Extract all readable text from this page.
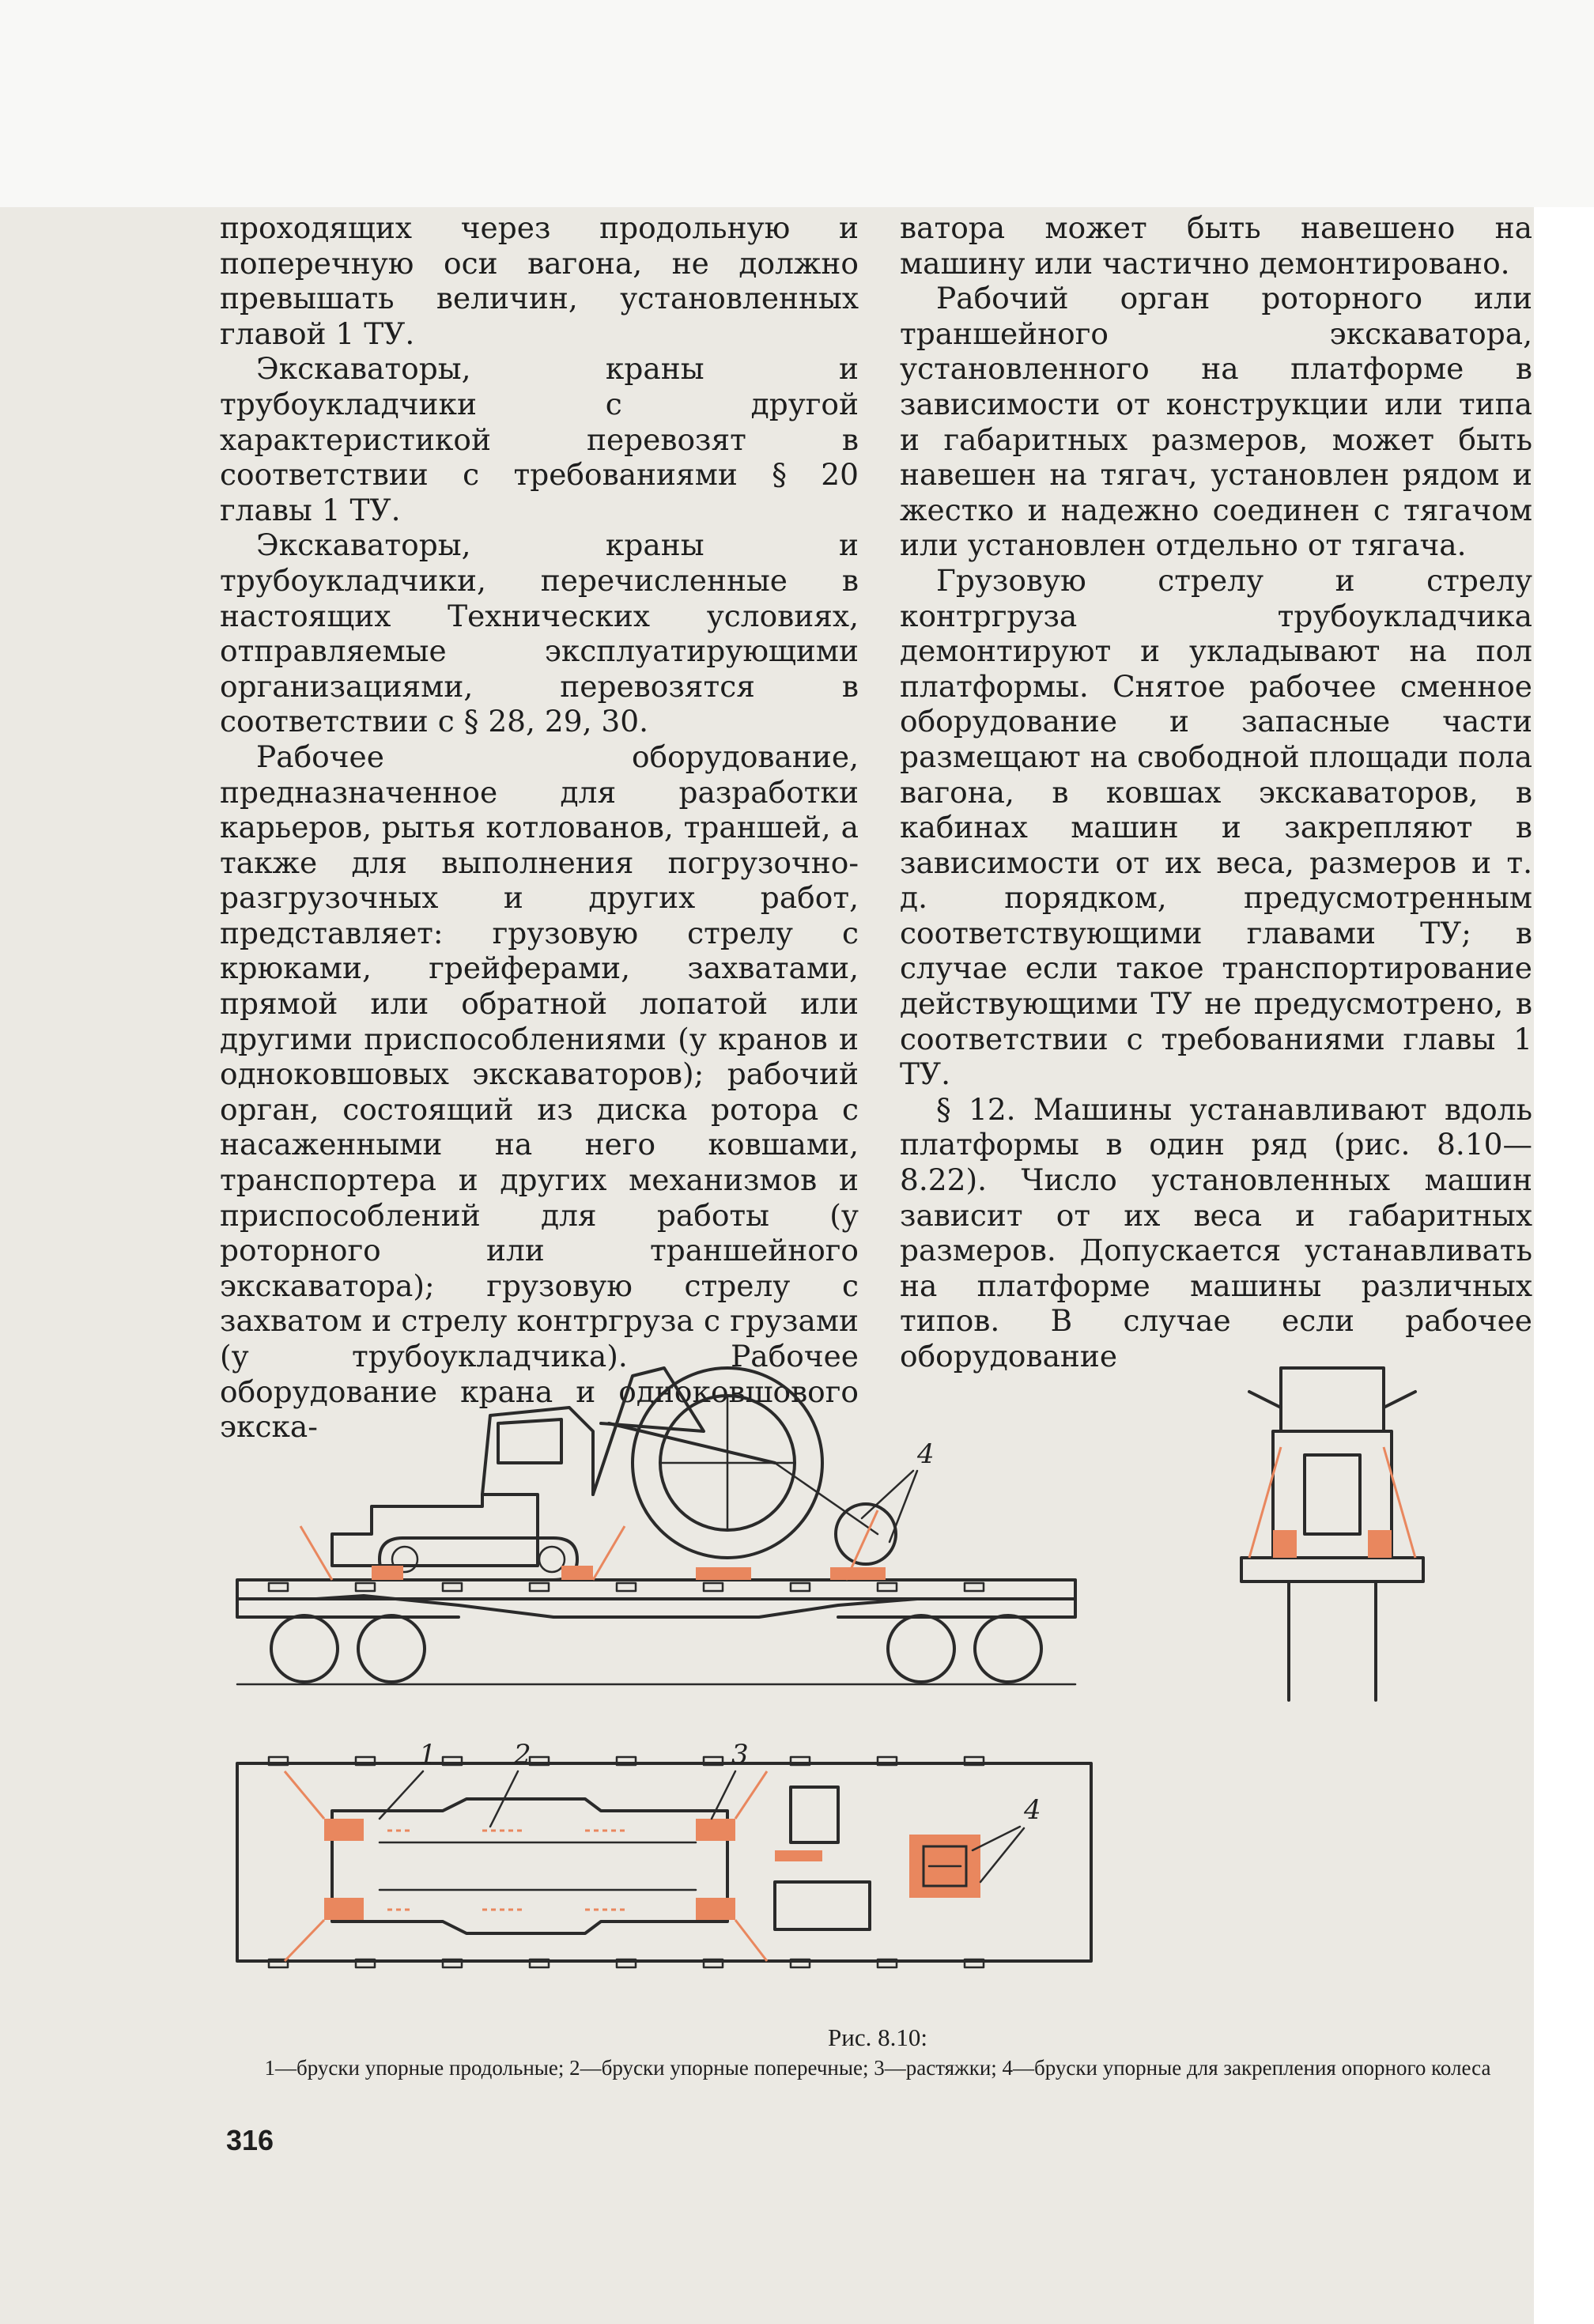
проходящих через продольную и поперечную оси вагона, не должно превышать величин, установленных главой 1 ТУ.

Экскаваторы, краны и трубоукладчики с другой характеристикой перевозят в соответствии с требованиями § 20 главы 1 ТУ.

Экскаваторы, краны и трубоукладчики, перечисленные в настоящих Технических условиях, отправляемые эксплуатирующими организациями, перевозятся в соответствии с § 28, 29, 30.

Рабочее оборудование, предназначенное для разработки карьеров, рытья котлованов, траншей, а также для выполнения погрузочно-разгрузочных и других работ, представляет: грузовую стрелу с крюками, грейферами, захватами, прямой или обратной лопатой или другими приспособлениями (у кранов и одноковшовых экскаваторов); рабочий орган, состоящий из диска ротора с насаженными на него ковшами, транспортера и других механизмов и приспособлений для работы (у роторного или траншейного экскаватора); грузовую стрелу с захватом и стрелу контргруза с грузами (у трубоукладчика). Рабочее оборудование крана и одноковшового экска-

ватора может быть навешено на машину или частично демонтировано.

Рабочий орган роторного или траншейного экскаватора, установленного на платформе в зависимости от конструкции или типа и габаритных размеров, может быть навешен на тягач, установлен рядом и жестко и надежно соединен с тягачом или установлен отдельно от тягача.

Грузовую стрелу и стрелу контргруза трубоукладчика демонтируют и укладывают на пол платформы. Снятое рабочее сменное оборудование и запасные части размещают на свободной площади пола вагона, в ковшах экскаваторов, в кабинах машин и закрепляют в зависимости от их веса, размеров и т. д. порядком, предусмотренным соответствующими главами ТУ; в случае если такое транспортирование действующими ТУ не предусмотрено, в соответствии с требованиями главы 1 ТУ.

§ 12. Машины устанавливают вдоль платформы в один ряд (рис. 8.10—8.22). Число установленных машин зависит от их веса и габаритных размеров. Допускается устанавливать на платформе машины различных типов. В случае если рабочее оборудование

4
1	2	3
4
Рис. 8.10:
1—бруски упорные продольные; 2—бруски упорные поперечные; 3—растяжки; 4—бруски упорные для закрепления опорного колеса
316
